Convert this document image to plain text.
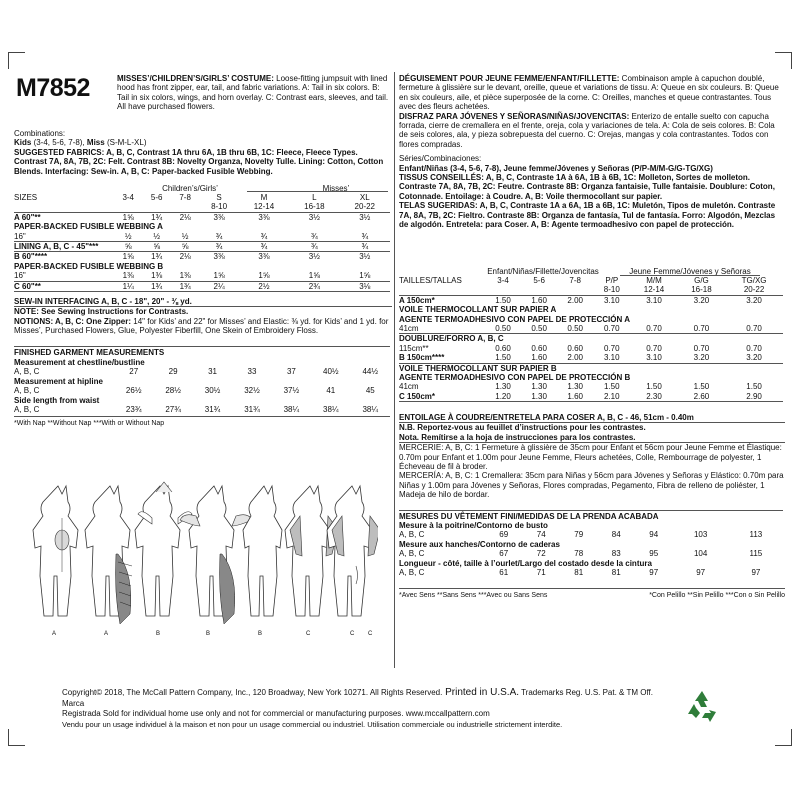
M7852	MISSES’/CHILDREN’S/GIRLS’ COSTUME: Loose-fitting jumpsuit with lined hood has front zipper, ear, tail, and fabric variations. A: Tail in six colors. B: Tail in six colors, wings, and horn overlay. C: Contrast ears, sleeves, and tail. All have purchased flowers.

Combinations:

Kids (3-4, 5-6, 7-8), Miss (S-M-L-XL)

SUGGESTED FABRICS: A, B, C, Contrast 1A thru 6A, 1B thru 6B, 1C: Fleece, Fleece Types. Contrast 7A, 8A, 7B, 2C: Felt. Contrast 8B: Novelty Organza, Novelty Tulle. Lining: Cotton, Cotton Blends. Interfacing: Sew-in. A, B, C: Paper-backed Fusible Webbing.

Children’s/Girls’	Misses’
SIZES	3-4	5-6	7-8	S	M	L	XL
				8-10	12-14	16-18	20-22
A 60"**	1⅝	1¾	2⅛	3⅜	3⅜	3½	3½
PAPER-BACKED FUSIBLE WEBBING A							
16"	½	½	½	¾	¾	¾	¾
LINING A, B, C - 45"***	⅝	⅝	⅝	¾	¾	¾	¾
B 60"****	1⅝	1¾	2⅛	3⅜	3⅜	3½	3½
PAPER-BACKED FUSIBLE WEBBING B							
16"	1⅜	1⅜	1⅜	1⅝	1⅝	1⅝	1⅝
C 60"**	1¼	1¾	1¾	2¼	2½	2¾	3⅛

SEW-IN INTERFACING A, B, C - 18", 20" - ⅜ yd.

NOTE: See Sewing Instructions for Contrasts.

NOTIONS: A, B, C: One Zipper: 14" for Kids’ and 22" for Misses’ and Elastic: ⅜ yd. for Kids’ and 1 yd. for Misses’, Purchased Flowers, Glue, Polyester Fiberfill, One Skein of Embroidery Floss.

FINISHED GARMENT MEASUREMENTS
Measurement at chestline/bustline							
A, B, C	27	29	31	33	37	40½	44½
Measurement at hipline							
A, B, C	26½	28½	30½	32½	37½	41	45
Side length from waist							
A, B, C	23¾	27¾	31¾	31¾	38¼	38¼	38¼
*With Nap **Without Nap ***With or Without Nap
A	A	B	B	B	C	C C

DÉGUISEMENT POUR JEUNE FEMME/ENFANT/FILLETTE: Combinaison ample à capuchon doublé, fermeture à glissière sur le devant, oreille, queue et variations de tissu. A: Queue en six couleurs. B: Queue en six couleurs, aile, et pièce superposée de la corne. C: Oreilles, manches et queue contrastantes. Tous avec des fleurs achetées.

DISFRAZ PARA JÓVENES Y SEÑORAS/NIÑAS/JOVENCITAS: Enterizo de entalle suelto con capucha forrada, cierre de cremallera en el frente, oreja, cola y variaciones de tela. A: Cola de seis colores. B: Cola de seis colores, ala, y pieza sobrepuesta del cuerno. C: Orejas, mangas y cola contrastantes. Todos con flores compradas.

Séries/Combinaciones:

Enfant/Niñas (3-4, 5-6, 7-8), Jeune femme/Jóvenes y Señoras (P/P-M/M-G/G-TG/XG)

TISSUS CONSEILLÉS: A, B, C, Contraste 1A à 6A, 1B à 6B, 1C: Molleton, Sortes de molleton. Contraste 7A, 8A, 7B, 2C: Feutre. Contraste 8B: Organza fantaisie, Tulle fantaisie. Doublure: Coton, Cotonnade. Entoilage: à Coudre. A, B: Voile thermocollant sur papier.

TELAS SUGERIDAS: A, B, C, Contraste 1A a 6A, 1B a 6B, 1C: Muletón, Tipos de muletón. Contraste 7A, 8A, 7B, 2C: Fieltro. Contraste 8B: Organza de fantasía, Tul de fantasía. Forro: Algodón, Mezclas de algodón. Entretela: para Coser. A, B: Agente termoadhesivo con papel de protección.

Enfant/Niñas/Fillette/Jovencitas	Jeune Femme/Jóvenes y Señoras
TAILLES/TALLAS	3-4	5-6	7-8	P/P	M/M	G/G	TG/XG
				8-10	12-14	16-18	20-22
A 150cm*	1.50	1.60	2.00	3.10	3.10	3.20	3.20
VOILE THERMOCOLLANT SUR PAPIER A							
AGENTE TERMOADHESIVO CON PAPEL DE PROTECCIÓN A							
41cm	0.50	0.50	0.50	0.70	0.70	0.70	0.70
DOUBLURE/FORRO A, B, C							
115cm**	0.60	0.60	0.60	0.70	0.70	0.70	0.70
B 150cm****	1.50	1.60	2.00	3.10	3.10	3.20	3.20
VOILE THERMOCOLLANT SUR PAPIER B							
AGENTE TERMOADHESIVO CON PAPEL DE PROTECCIÓN B							
41cm	1.30	1.30	1.30	1.50	1.50	1.50	1.50
C 150cm*	1.20	1.30	1.60	2.10	2.30	2.60	2.90

ENTOILAGE À COUDRE/ENTRETELA PARA COSER A, B, C - 46, 51cm - 0.40m

N.B. Reportez-vous au feuillet d’instructions pour les contrastes.

Nota. Remítirse a la hoja de instrucciones para los contrastes.

MERCERIE: A, B, C: 1 Fermeture à glissière de 35cm pour Enfant et 56cm pour Jeune Femme et Élastique: 0.70m pour Enfant et 1.00m pour Jeune Femme, Fleurs achetées, Colle, Rembourrage de polyester, 1 Écheveau de fil à broder.

MERCERÍA: A, B, C: 1 Cremallera: 35cm para Niñas y 56cm para Jóvenes y Señoras y Elástico: 0.70m para Niñas y 1.00m para Jóvenes y Señoras, Flores compradas, Pegamento, Fibra de relleno de poliéster, 1 Madeja de hilo de bordar.

MESURES DU VÊTEMENT FINI/MEDIDAS DE LA PRENDA ACABADA
Mesure à la poitrine/Contorno de busto							
A, B, C	69	74	79	84	94	103	113
Mesure aux hanches/Contorno de caderas							
A, B, C	67	72	78	83	95	104	115
Longueur - côté, taille à l’ourlet/Largo del costado desde la cintura							
A, B, C	61	71	81	81	97	97	97
*Avec Sens **Sans Sens ***Avec ou Sans Sens	*Con Pelillo **Sin Pelillo ***Con o Sin Pelillo

Copyright© 2018, The McCall Pattern Company, Inc., 120 Broadway, New York 10271. All Rights Reserved. Printed in U.S.A. Trademarks Reg. U.S. Pat. & TM Off. Marca

Registrada Sold for individual home use only and not for commercial or manufacturing purposes. www.mccallpattern.com

Vendu pour un usage individuel à la maison et non pour un usage commercial ou industriel. Utilisation commerciale ou industrielle strictement interdite.
